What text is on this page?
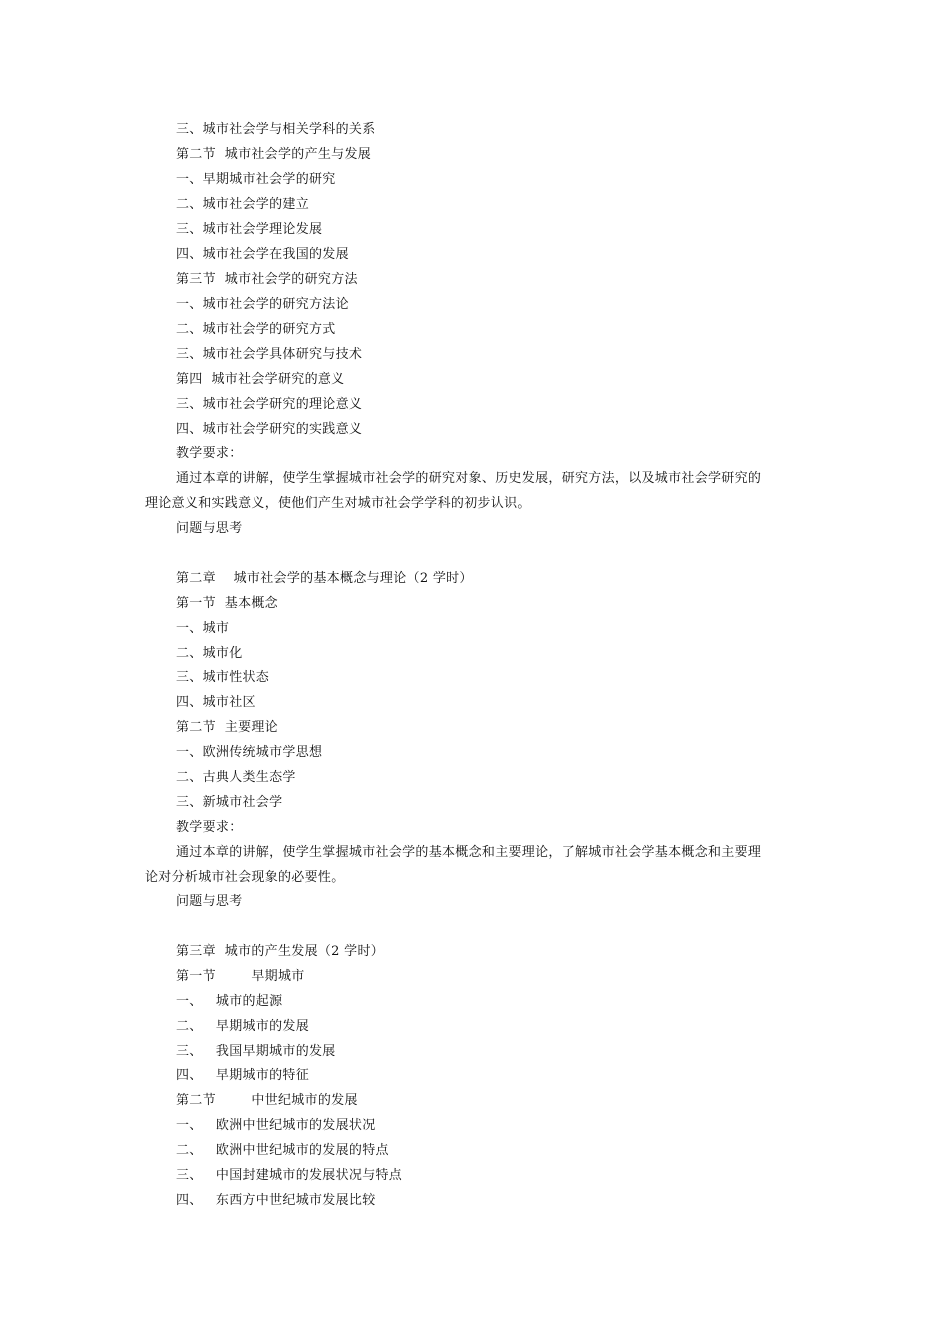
三、城市社会学与相关学科的关系
第二节  城市社会学的产生与发展
一、早期城市社会学的研究
二、城市社会学的建立
三、城市社会学理论发展
四、城市社会学在我国的发展
第三节  城市社会学的研究方法
一、城市社会学的研究方法论
二、城市社会学的研究方式
三、城市社会学具体研究与技术
第四  城市社会学研究的意义
三、城市社会学研究的理论意义
四、城市社会学研究的实践意义
教学要求：
通过本章的讲解，使学生掌握城市社会学的研究对象、历史发展，研究方法，以及城市社会学研究的
理论意义和实践意义，使他们产生对城市社会学学科的初步认识。
问题与思考
第二章    城市社会学的基本概念与理论（2 学时）
第一节  基本概念
一、城市
二、城市化
三、城市性状态
四、城市社区
第二节  主要理论
一、欧洲传统城市学思想
二、古典人类生态学
三、新城市社会学
教学要求：
通过本章的讲解，使学生掌握城市社会学的基本概念和主要理论，了解城市社会学基本概念和主要理
论对分析城市社会现象的必要性。
问题与思考
第三章  城市的产生发展（2 学时）
第一节        早期城市
一、   城市的起源
二、   早期城市的发展
三、   我国早期城市的发展
四、   早期城市的特征
第二节        中世纪城市的发展
一、   欧洲中世纪城市的发展状况
二、   欧洲中世纪城市的发展的特点
三、   中国封建城市的发展状况与特点
四、   东西方中世纪城市发展比较
